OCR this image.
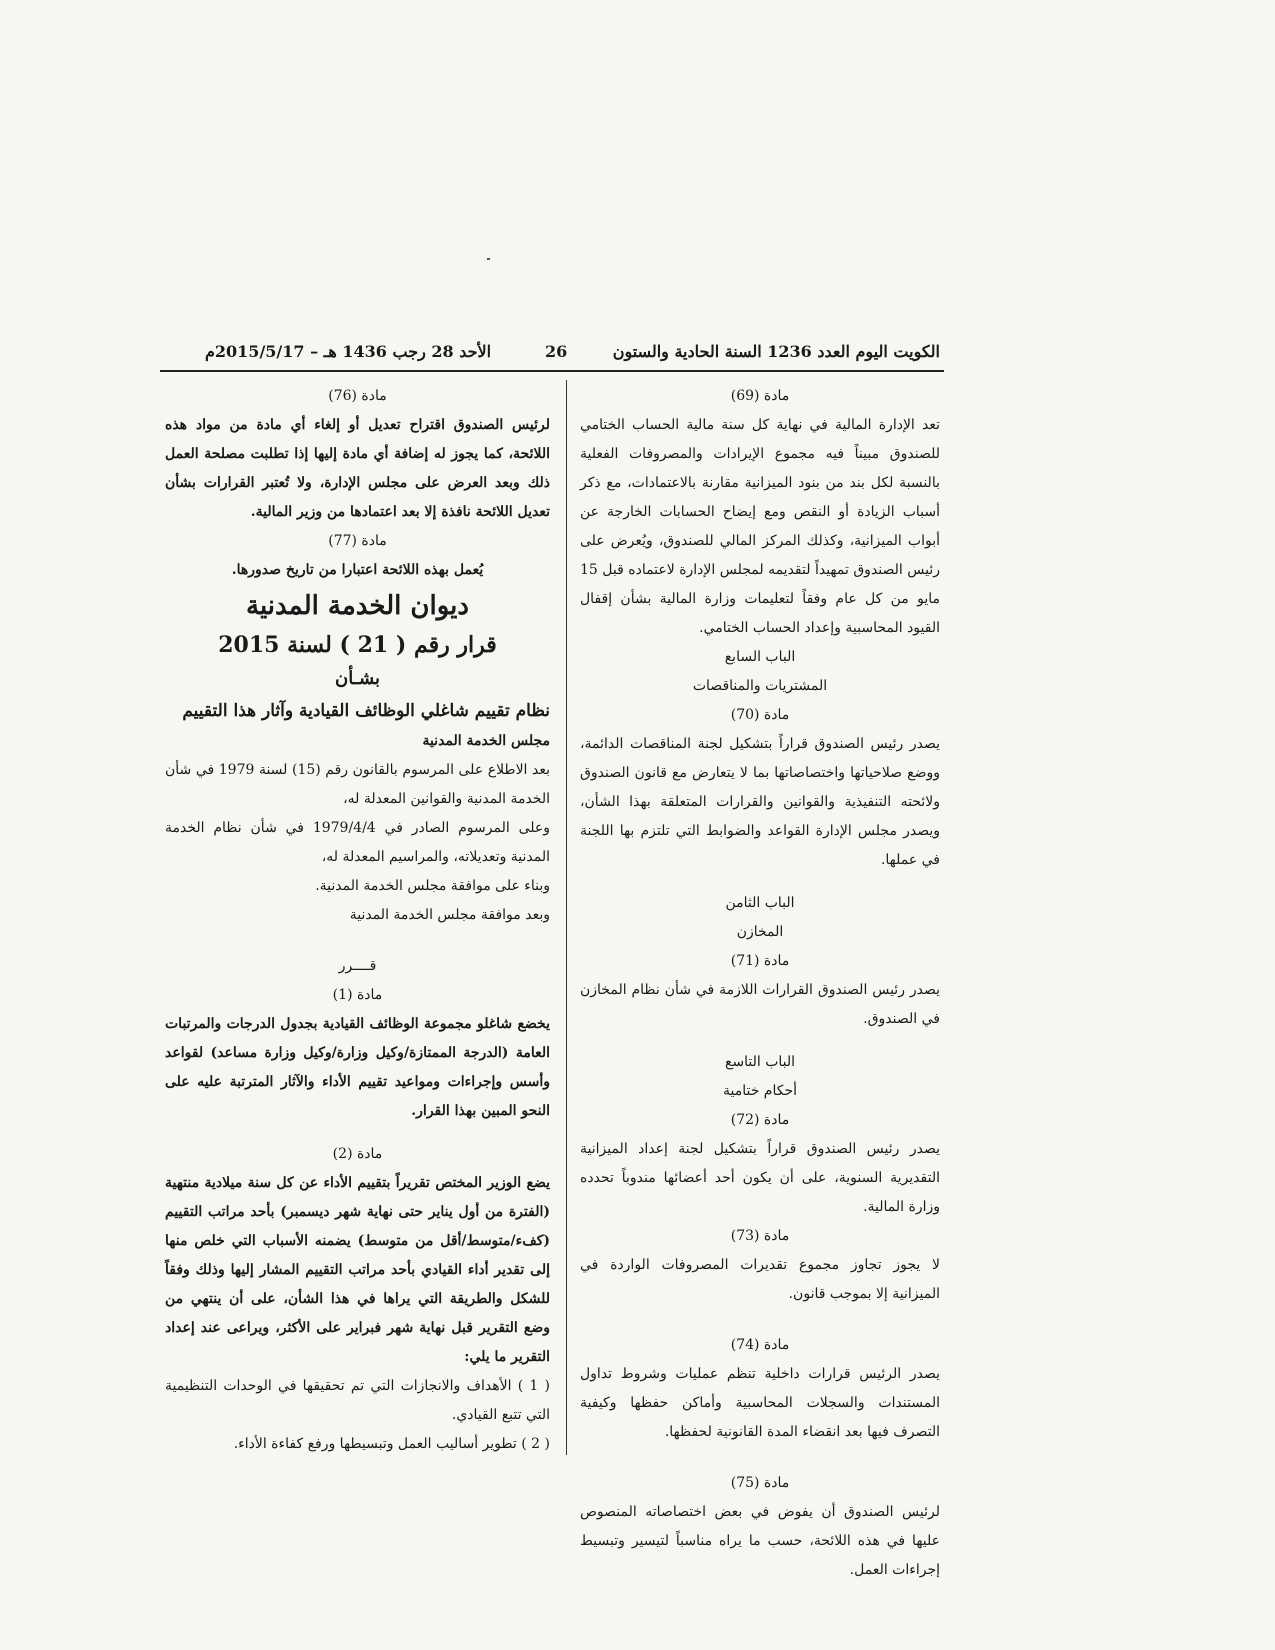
الكويت اليوم العدد 1236 السنة الحادية والستون
26
الأحد 28 رجب 1436 هـ – 2015/5/17م

مادة (69)

تعد الإدارة المالية في نهاية كل سنة مالية الحساب الختامي للصندوق مبيناً فيه مجموع الإيرادات والمصروفات الفعلية بالنسبة لكل بند من بنود الميزانية مقارنة بالاعتمادات، مع ذكر أسباب الزيادة أو النقص ومع إيضاح الحسابات الخارجة عن أبواب الميزانية، وكذلك المركز المالي للصندوق، ويُعرض على رئيس الصندوق تمهيداً لتقديمه لمجلس الإدارة لاعتماده قبل 15 مايو من كل عام وفقاً لتعليمات وزارة المالية بشأن إقفال القيود المحاسبية وإعداد الحساب الختامي.

الباب السابع

المشتريات والمناقصات

مادة (70)

يصدر رئيس الصندوق قراراً بتشكيل لجنة المناقصات الدائمة، ووضع صلاحياتها واختصاصاتها بما لا يتعارض مع قانون الصندوق ولائحته التنفيذية والقوانين والقرارات المتعلقة بهذا الشأن، ويصدر مجلس الإدارة القواعد والضوابط التي تلتزم بها اللجنة في عملها.

الباب الثامن

المخازن

مادة (71)

يصدر رئيس الصندوق القرارات اللازمة في شأن نظام المخازن في الصندوق.

الباب التاسع

أحكام ختامية

مادة (72)

يصدر رئيس الصندوق قراراً بتشكيل لجنة إعداد الميزانية التقديرية السنوية، على أن يكون أحد أعضائها مندوباً تحدده وزارة المالية.

مادة (73)

لا يجوز تجاوز مجموع تقديرات المصروفات الواردة في الميزانية إلا بموجب قانون.

مادة (74)

يصدر الرئيس قرارات داخلية تنظم عمليات وشروط تداول المستندات والسجلات المحاسبية وأماكن حفظها وكيفية التصرف فيها بعد انقضاء المدة القانونية لحفظها.

مادة (75)

لرئيس الصندوق أن يفوض في بعض اختصاصاته المنصوص عليها في هذه اللائحة، حسب ما يراه مناسباً لتيسير وتبسيط إجراءات العمل.

مادة (76)

لرئيس الصندوق اقتراح تعديل أو إلغاء أي مادة من مواد هذه اللائحة، كما يجوز له إضافة أي مادة إليها إذا تطلبت مصلحة العمل ذلك وبعد العرض على مجلس الإدارة، ولا تُعتبر القرارات بشأن تعديل اللائحة نافذة إلا بعد اعتمادها من وزير المالية.

مادة (77)

يُعمل بهذه اللائحة اعتبارا من تاريخ صدورها.

ديوان الخدمة المدنية

قرار رقم ( 21 ) لسنة 2015

بشـأن

نظام تقييم شاغلي الوظائف القيادية وآثار هذا التقييم

مجلس الخدمة المدنية

بعد الاطلاع على المرسوم بالقانون رقم (15) لسنة 1979 في شأن الخدمة المدنية والقوانين المعدلة له،

وعلى المرسوم الصادر في 1979/4/4 في شأن نظام الخدمة المدنية وتعديلاته، والمراسيم المعدلة له،

وبناء على موافقة مجلس الخدمة المدنية.

وبعد موافقة مجلس الخدمة المدنية

قــــرر

مادة (1)

يخضع شاغلو مجموعة الوظائف القيادية بجدول الدرجات والمرتبات العامة (الدرجة الممتازة/وكيل وزارة/وكيل وزارة مساعد) لقواعد وأسس وإجراءات ومواعيد تقييم الأداء والآثار المترتبة عليه على النحو المبين بهذا القرار.

مادة (2)

يضع الوزير المختص تقريراً بتقييم الأداء عن كل سنة ميلادية منتهية (الفترة من أول يناير حتى نهاية شهر ديسمبر) بأحد مراتب التقييم (كفء/متوسط/أقل من متوسط) يضمنه الأسباب التي خلص منها إلى تقدير أداء القيادي بأحد مراتب التقييم المشار إليها وذلك وفقاً للشكل والطريقة التي يراها في هذا الشأن، على أن ينتهي من وضع التقرير قبل نهاية شهر فبراير على الأكثر، ويراعى عند إعداد التقرير ما يلي:

( 1 ) الأهداف والانجازات التي تم تحقيقها في الوحدات التنظيمية التي تتبع القيادي.

( 2 ) تطوير أساليب العمل وتبسيطها ورفع كفاءة الأداء.
